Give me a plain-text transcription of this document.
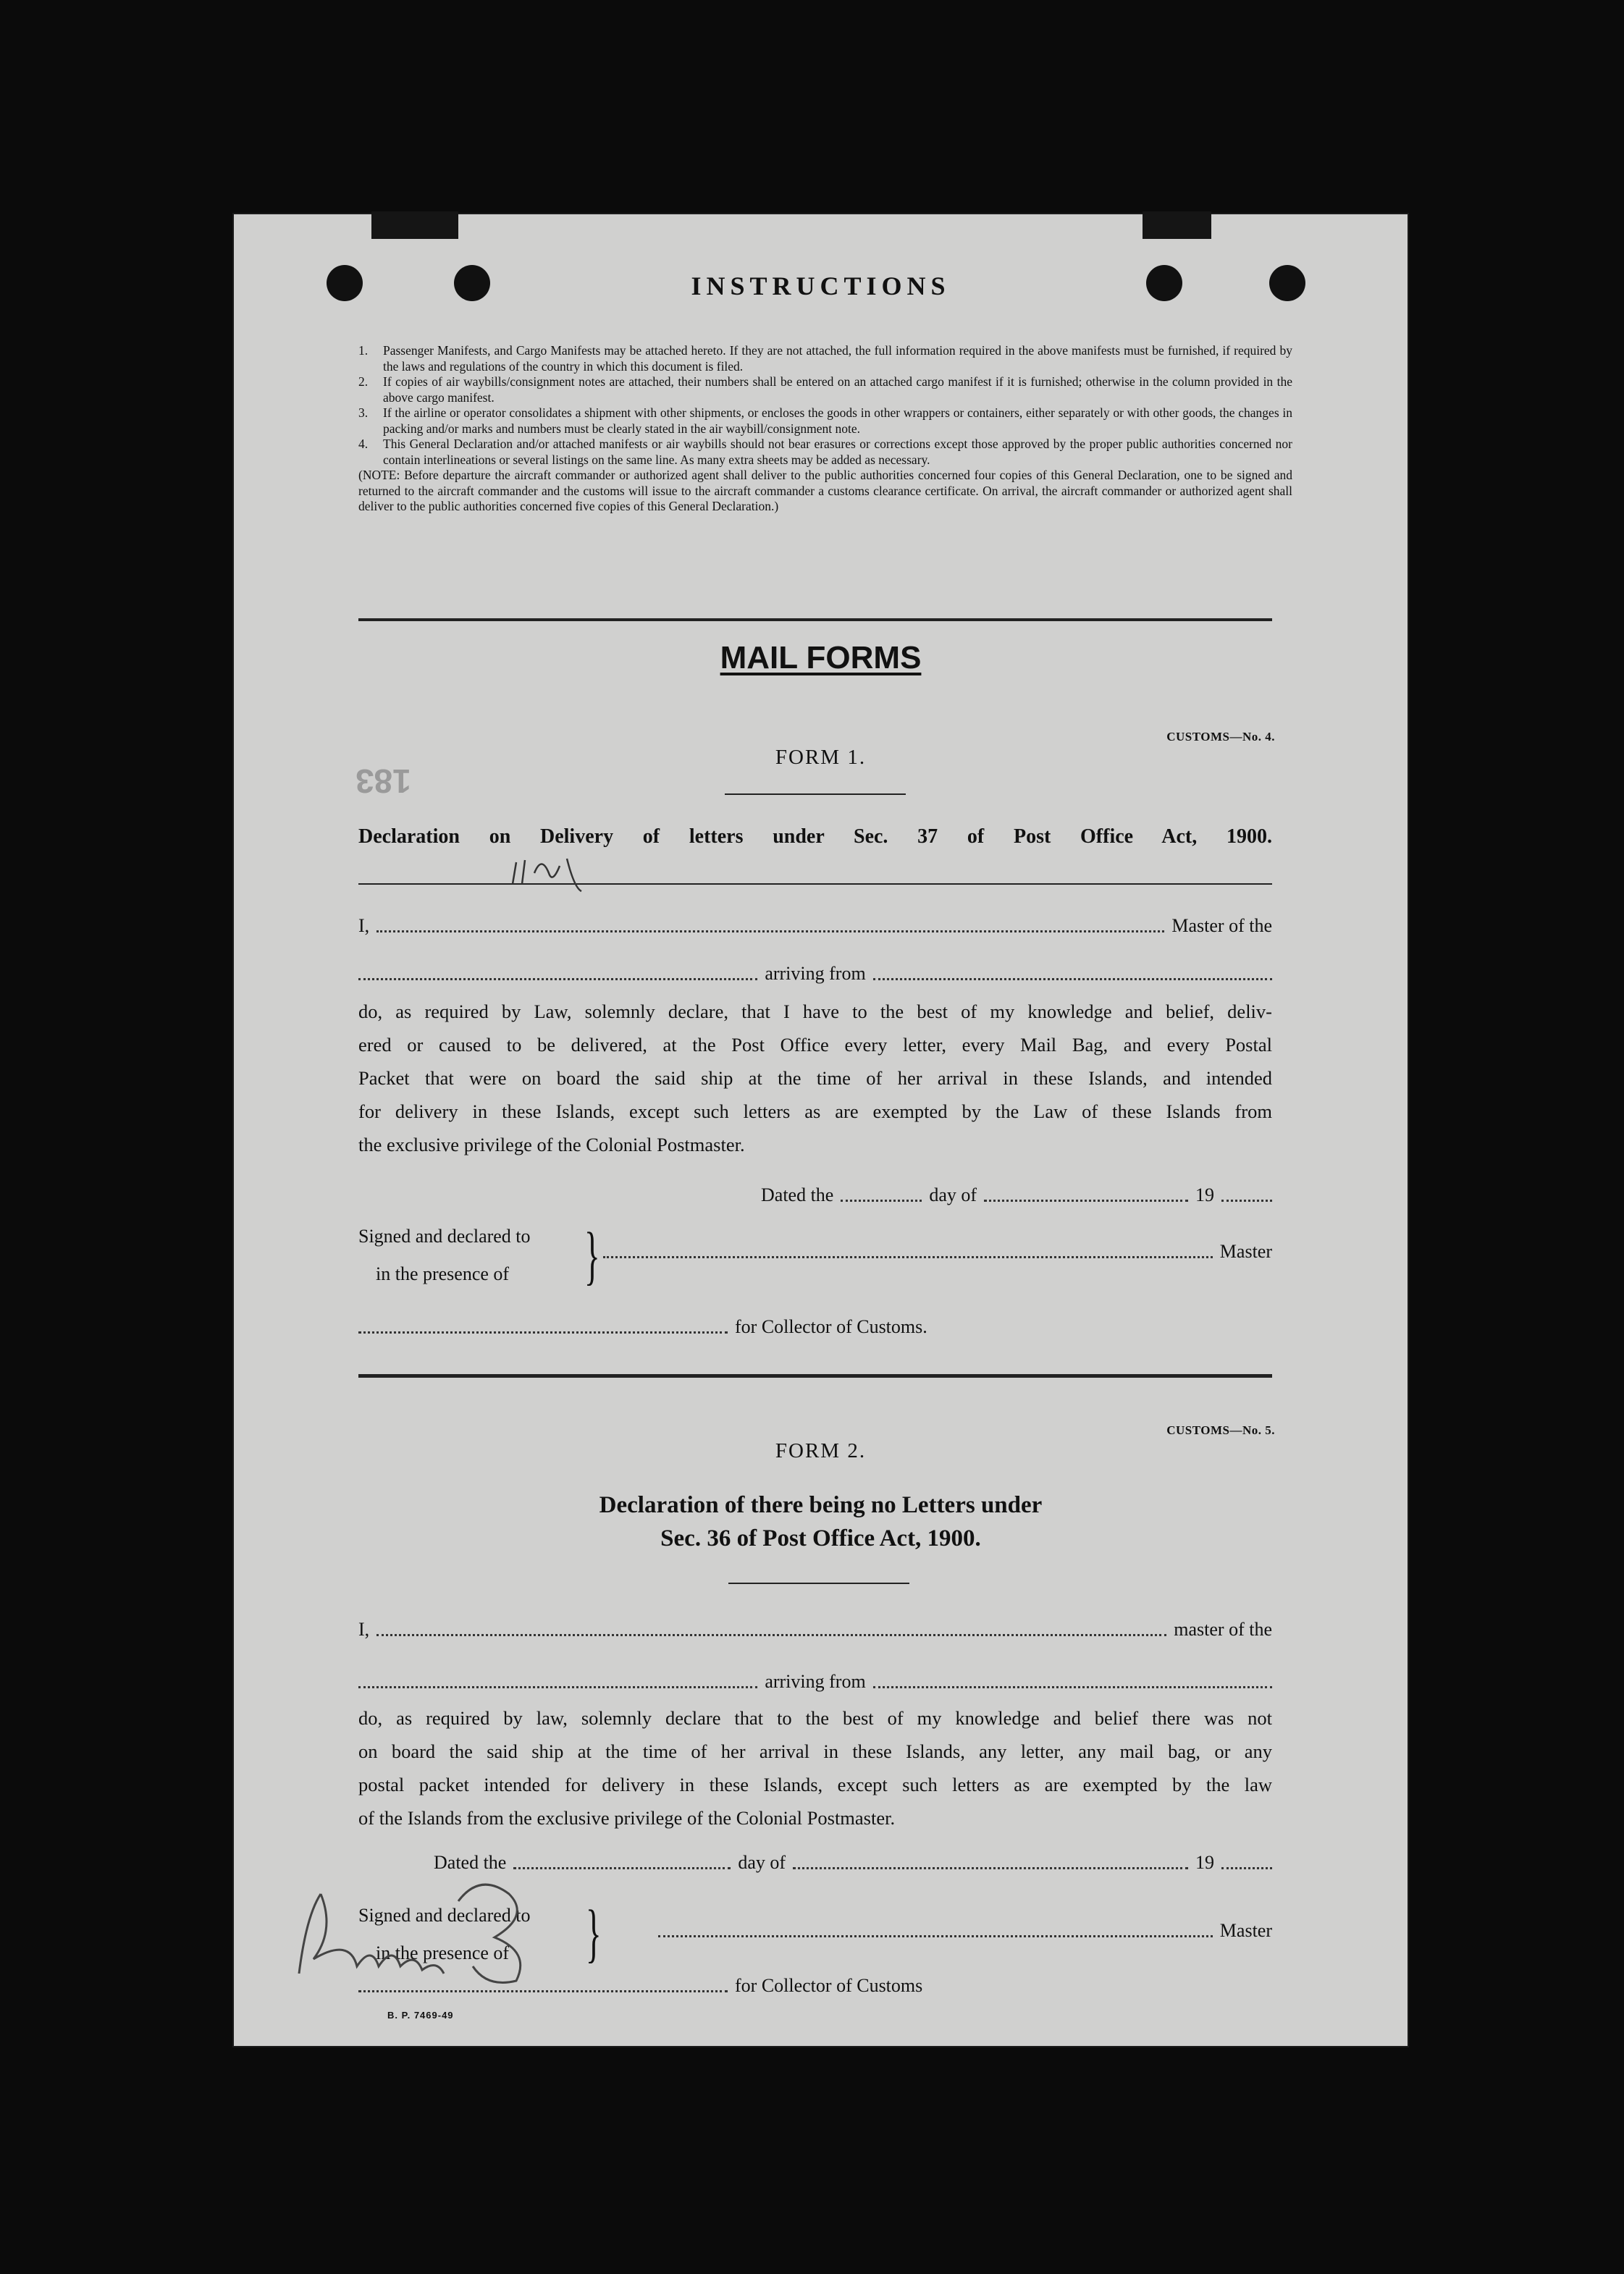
183
INSTRUCTIONS
1.	Passenger Manifests, and Cargo Manifests may be attached hereto. If they are not attached, the full information required in the above manifests must be furnished, if required by the laws and regulations of the country in which this document is filed.
2.	If copies of air waybills/consignment notes are attached, their numbers shall be entered on an attached cargo manifest if it is furnished; otherwise in the column provided in the above cargo manifest.
3.	If the airline or operator consolidates a shipment with other shipments, or encloses the goods in other wrappers or containers, either separately or with other goods, the changes in packing and/or marks and numbers must be clearly stated in the air waybill/consignment note.
4.	This General Declaration and/or attached manifests or air waybills should not bear erasures or corrections except those approved by the proper public authorities concerned nor contain interlineations or several listings on the same line. As many extra sheets may be added as necessary.
(NOTE: Before departure the aircraft commander or authorized agent shall deliver to the public authorities concerned four copies of this General Declaration, one to be signed and returned to the aircraft commander and the customs will issue to the aircraft commander a customs clearance certificate. On arrival, the aircraft commander or authorized agent shall deliver to the public authorities concerned five copies of this General Declaration.)
MAIL FORMS
CUSTOMS—No. 4.
FORM 1.
Declaration on Delivery of letters under Sec. 37 of Post Office Act, 1900.
I,	Master of the
arriving from
do, as required by Law, solemnly declare, that I have to the best of my knowledge and belief, deliv-
ered or caused to be delivered, at the Post Office every letter, every Mail Bag, and every Postal
Packet that were on board the said ship at the time of her arrival in these Islands, and intended
for delivery in these Islands, except such letters as are exempted by the Law of these Islands from
the exclusive privilege of the Colonial Postmaster.
Dated the	day of	19
Signed and declared to
in the presence of	}	Master
for Collector of Customs.
CUSTOMS—No. 5.
FORM 2.
Declaration of there being no Letters under
Sec. 36 of Post Office Act, 1900.
I,	master of the
arriving from
do, as required by law, solemnly declare that to the best of my knowledge and belief there was not
on board the said ship at the time of her arrival in these Islands, any letter, any mail bag, or any
postal packet intended for delivery in these Islands, except such letters as are exempted by the law
of the Islands from the exclusive privilege of the Colonial Postmaster.
Dated the	day of	19
Signed and declared to
in the presence of	}	Master
for Collector of Customs
B. P. 7469-49
